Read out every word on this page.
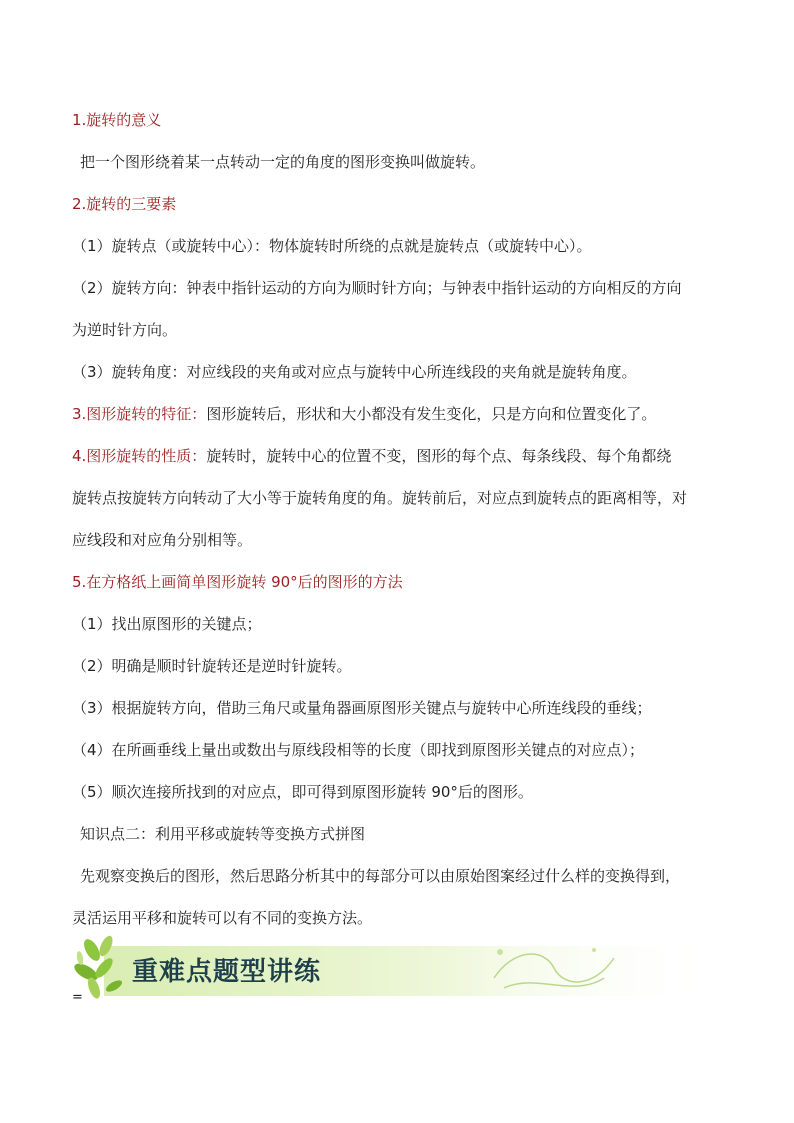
1.旋转的意义
把一个图形绕着某一点转动一定的角度的图形变换叫做旋转。
2.旋转的三要素
（1）旋转点（或旋转中心）：物体旋转时所绕的点就是旋转点（或旋转中心）。
（2）旋转方向：钟表中指针运动的方向为顺时针方向；与钟表中指针运动的方向相反的方向
为逆时针方向。
（3）旋转角度：对应线段的夹角或对应点与旋转中心所连线段的夹角就是旋转角度。
3.图形旋转的特征：图形旋转后，形状和大小都没有发生变化，只是方向和位置变化了。
4.图形旋转的性质：旋转时，旋转中心的位置不变，图形的每个点、每条线段、每个角都绕
旋转点按旋转方向转动了大小等于旋转角度的角。旋转前后，对应点到旋转点的距离相等，对
应线段和对应角分别相等。
5.在方格纸上画简单图形旋转 90°后的图形的方法
（1）找出原图形的关键点；
（2）明确是顺时针旋转还是逆时针旋转。
（3）根据旋转方向，借助三角尺或量角器画原图形关键点与旋转中心所连线段的垂线；
（4）在所画垂线上量出或数出与原线段相等的长度（即找到原图形关键点的对应点）；
（5）顺次连接所找到的对应点，即可得到原图形旋转 90°后的图形。
知识点二：利用平移或旋转等变换方式拼图
先观察变换后的图形，然后思路分析其中的每部分可以由原始图案经过什么样的变换得到，
灵活运用平移和旋转可以有不同的变换方法。
重难点题型讲练
=
